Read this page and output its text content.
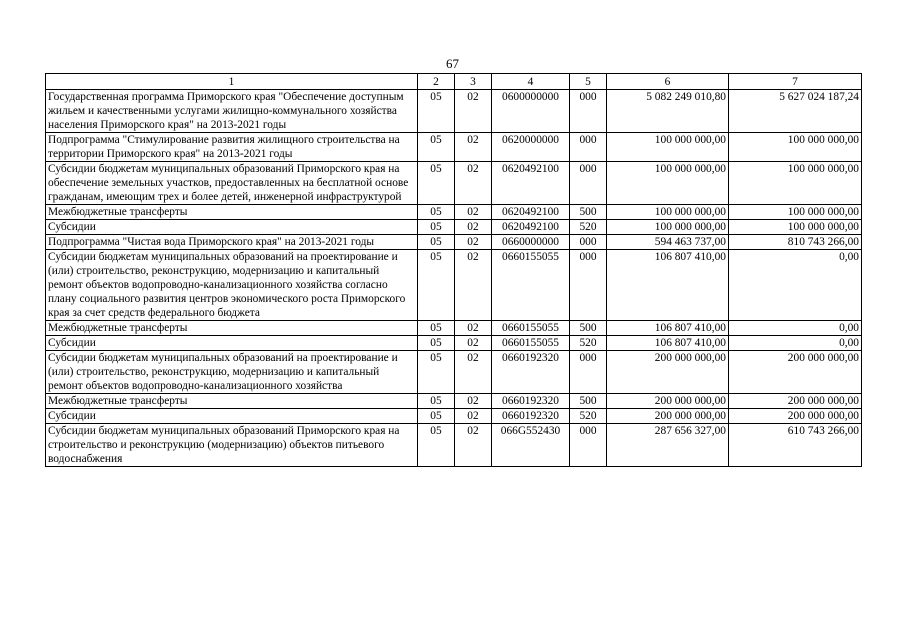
67
1	2	3	4	5	6	7
Государственная программа Приморского края "Обеспечение доступным жильем и качественными услугами жилищно-коммунального хозяйства населения Приморского края" на 2013-2021 годы	05	02	0600000000	000	5 082 249 010,80	5 627 024 187,24
Подпрограмма "Стимулирование развития жилищного строительства на территории Приморского края" на 2013-2021 годы	05	02	0620000000	000	100 000 000,00	100 000 000,00
Субсидии бюджетам муниципальных образований Приморского края на обеспечение земельных участков, предоставленных на бесплатной основе гражданам, имеющим трех и более детей, инженерной инфраструктурой	05	02	0620492100	000	100 000 000,00	100 000 000,00
Межбюджетные трансферты	05	02	0620492100	500	100 000 000,00	100 000 000,00
Субсидии	05	02	0620492100	520	100 000 000,00	100 000 000,00
Подпрограмма "Чистая вода Приморского края" на 2013-2021 годы	05	02	0660000000	000	594 463 737,00	810 743 266,00
Субсидии бюджетам муниципальных образований на проектирование и (или) строительство, реконструкцию, модернизацию и капитальный ремонт объектов водопроводно-канализационного хозяйства согласно плану социального развития центров экономического роста Приморского края за счет средств федерального бюджета	05	02	0660155055	000	106 807 410,00	0,00
Межбюджетные трансферты	05	02	0660155055	500	106 807 410,00	0,00
Субсидии	05	02	0660155055	520	106 807 410,00	0,00
Субсидии бюджетам муниципальных образований на проектирование и (или) строительство, реконструкцию, модернизацию и капитальный ремонт объектов водопроводно-канализационного хозяйства	05	02	0660192320	000	200 000 000,00	200 000 000,00
Межбюджетные трансферты	05	02	0660192320	500	200 000 000,00	200 000 000,00
Субсидии	05	02	0660192320	520	200 000 000,00	200 000 000,00
Субсидии бюджетам муниципальных образований Приморского края на строительство и реконструкцию (модернизацию) объектов питьевого водоснабжения	05	02	066G552430	000	287 656 327,00	610 743 266,00
